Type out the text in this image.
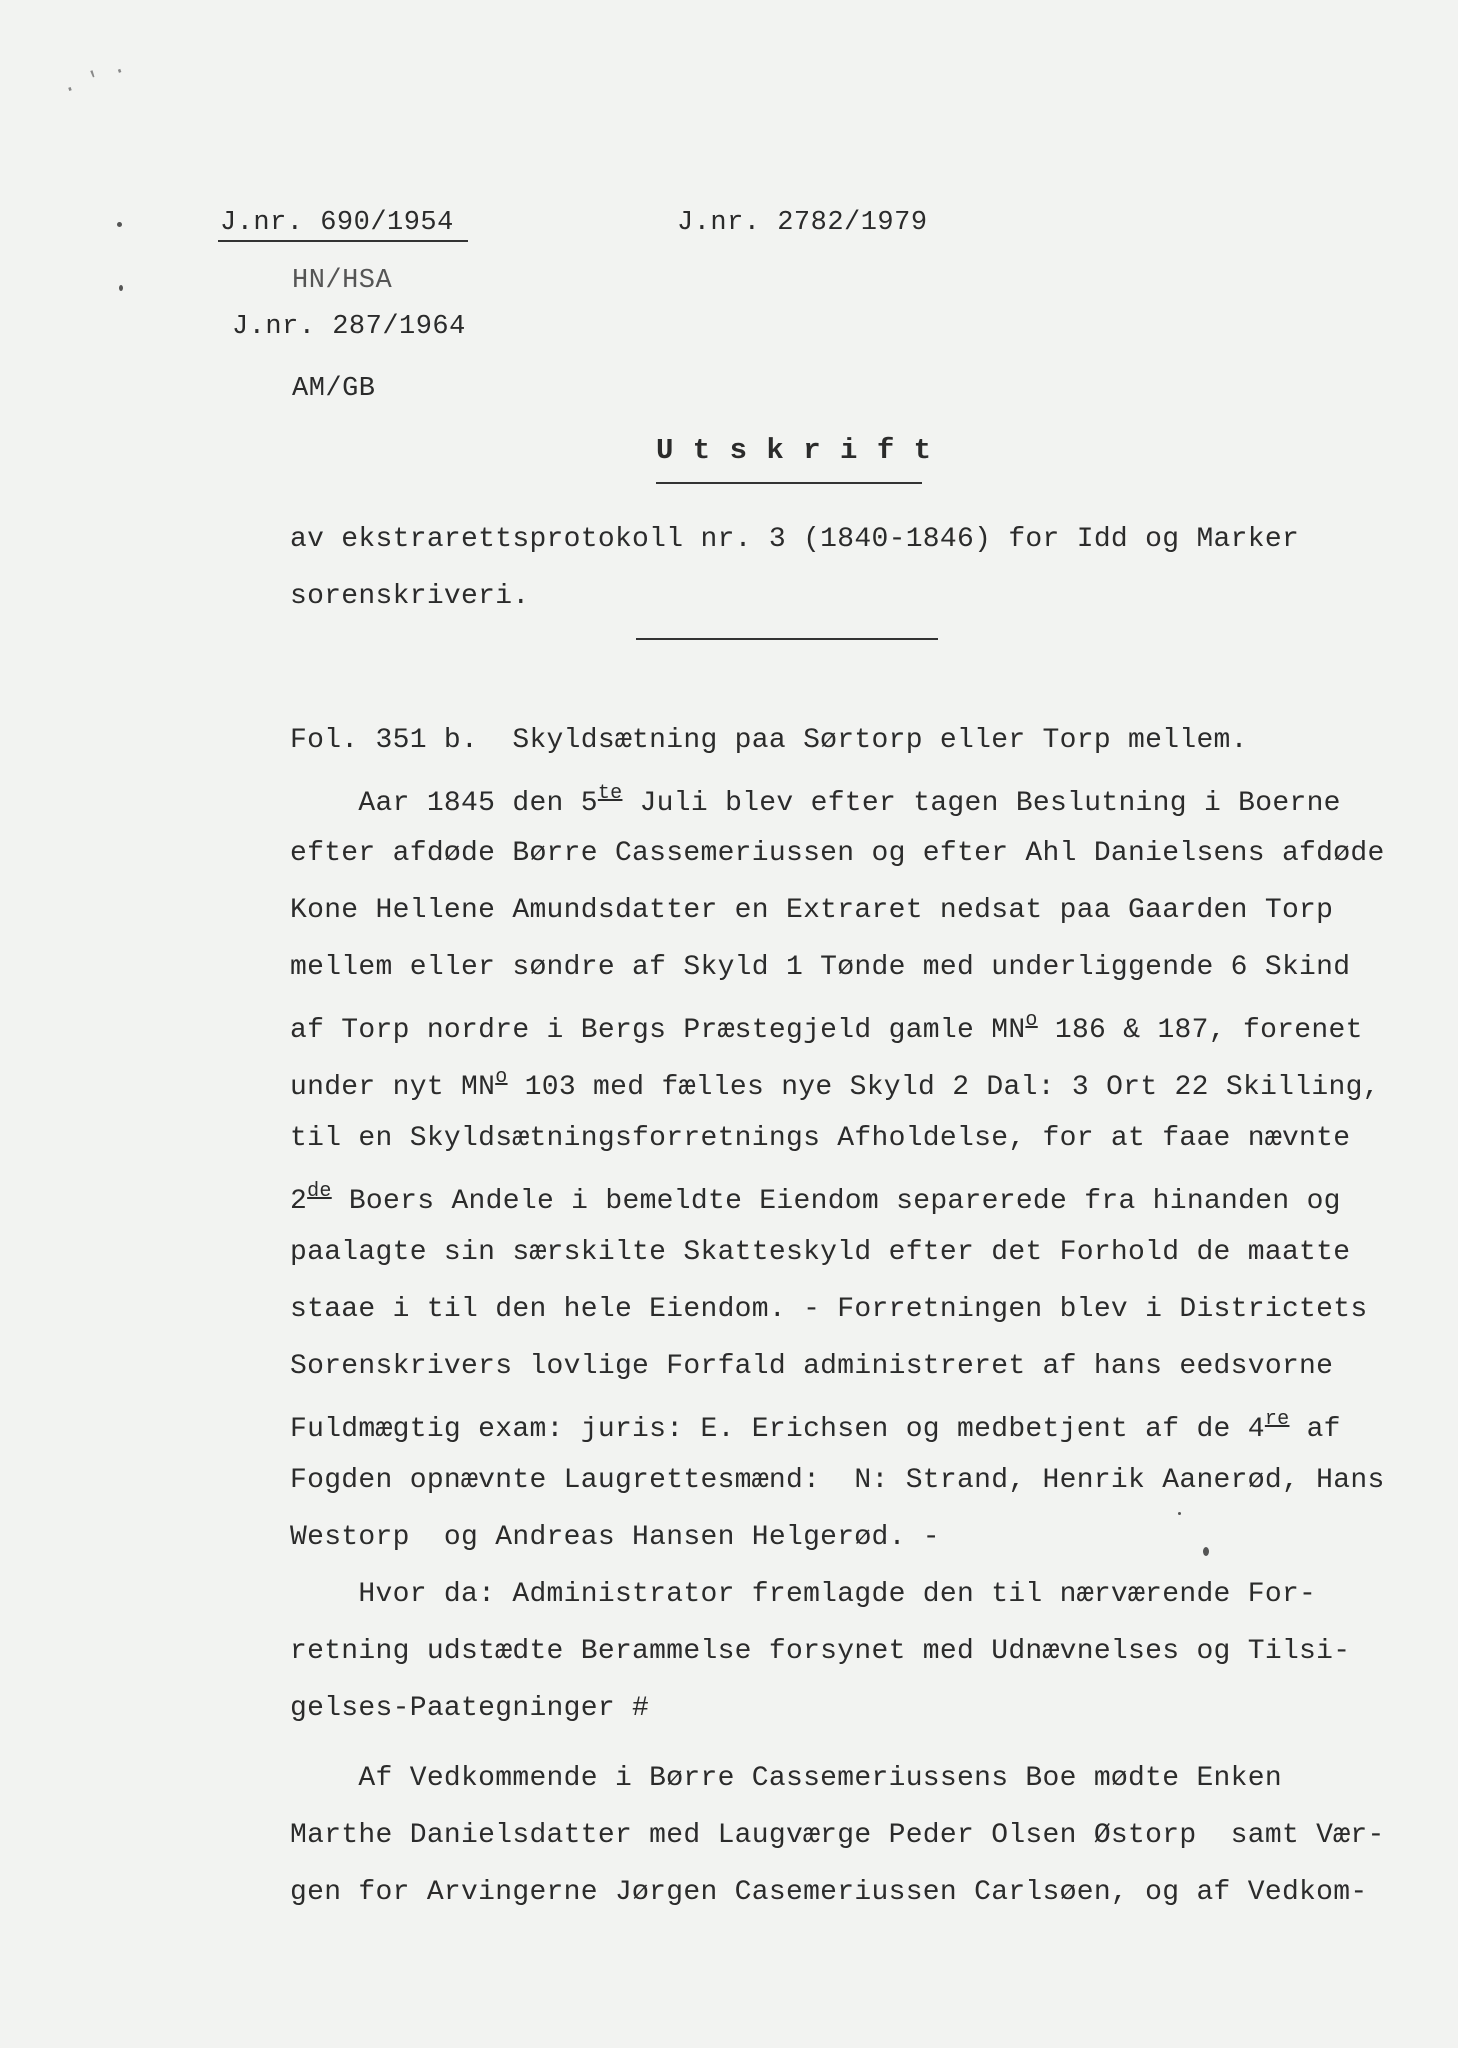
· ' ·
J.nr. 690/1954	J.nr. 2782/1979
HN/HSA
J.nr. 287/1964
AM/GB
U t s k r i f t
av ekstrarettsprotokoll nr. 3 (1840-1846) for Idd og Marker
sorenskriveri.
Fol. 351 b.  Skyldsætning paa Sørtorp eller Torp mellem.
Aar 1845 den $5^{te}$ Juli blev efter tagen Beslutning i Boerne
efter afdøde Børre Cassemeriussen og efter Ahl Danielsens afdøde
Kone Hellene Amundsdatter en Extraret nedsat paa Gaarden Torp
mellem eller søndre af Skyld 1 Tønde med underliggende 6 Skind
af Torp nordre i Bergs Præstegjeld gamle $MN^o$ 186 & 187, forenet
under nyt $MN^o$ 103 med fælles nye Skyld 2 Dal: 3 Ort 22 Skilling,
til en Skyldsætningsforretnings Afholdelse, for at faae nævnte
2de Boers Andele i bemeldte Eiendom separerede fra hinanden og
paalagte sin særskilte Skatteskyld efter det Forhold de maatte
staae i til den hele Eiendom. - Forretningen blev i Districtets
Sorenskrivers lovlige Forfald administreret af hans eedsvorne
Fuldmægtig exam: juris: E. Erichsen og medbetjent af de 4re af
Fogden opnævnte Laugrettesmænd:  N: Strand, Henrik Aanerød, Hans
Westorp  og Andreas Hansen Helgerød. -
Hvor da: Administrator fremlagde den til nærværende For-
retning udstædte Berammelse forsynet med Udnævnelses og Tilsi-
gelses-Paategninger #
Af Vedkommende i Børre Cassemeriussens Boe mødte Enken
Marthe Danielsdatter med Laugværge Peder Olsen Østorp  samt Vær-
gen for Arvingerne Jørgen Casemeriussen Carlsøen, og af Vedkom-
